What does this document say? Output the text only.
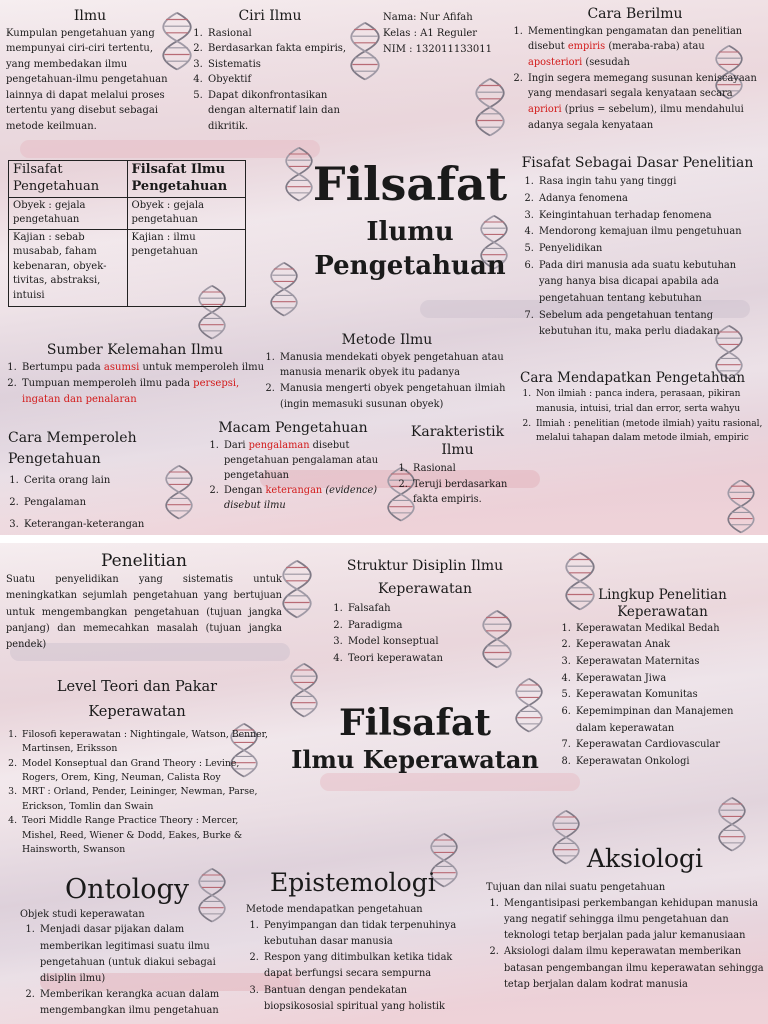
Ilmu
Kumpulan pengetahuan yang mempunyai ciri-ciri tertentu, yang membedakan ilmu pengetahuan-ilmu pengetahuan lainnya di dapat melalui proses tertentu yang disebut sebagai metode keilmuan.
Ciri Ilmu
1. Rasional
2. Berdasarkan fakta empiris,
3. Sistematis
4. Obyektif
5. Dapat dikonfrontasikan dengan alternatif lain dan dikritik.
Nama: Nur Afifah
Kelas : A1 Reguler
NIM : 132011133011
Cara Berilmu
1. Mementingkan pengamatan dan penelitian disebut empiris (meraba-raba) atau aposteriori (sesudah
2. Ingin segera memegang susunan keniscayaan yang mendasari segala kenyataan secara apriori (prius = sebelum), ilmu mendahului adanya segala kenyataan
Filsafat Pengetahuan	Filsafat Ilmu Pengetahuan
Obyek : gejala pengetahuan	Obyek : gejala pengetahuan
Kajian : sebab musabab, faham kebenaran, obyek-tivitas, abstraksi, intuisi	Kajian : ilmu pengetahuan
Filsafat
Ilumu
Pengetahuan
Fisafat Sebagai Dasar Penelitian
1. Rasa ingin tahu yang tinggi
2. Adanya fenomena
3. Keingintahuan terhadap fenomena
4. Mendorong kemajuan ilmu pengetuhuan
5. Penyelidikan
6. Pada diri manusia ada suatu kebutuhan yang hanya bisa dicapai apabila ada pengetahuan tentang kebutuhan
7. Sebelum ada pengetahuan tentang kebutuhan itu, maka perlu diadakan
Sumber Kelemahan Ilmu
1. Bertumpu pada asumsi untuk memperoleh ilmu
2. Tumpuan memperoleh ilmu pada persepsi, ingatan dan penalaran
Metode Ilmu
1. Manusia mendekati obyek pengetahuan atau manusia menarik obyek itu padanya
2. Manusia mengerti obyek pengetahuan ilmiah (ingin memasuki susunan obyek)
Cara Mendapatkan Pengetahuan
1. Non ilmiah : panca indera, perasaan, pikiran manusia, intuisi, trial dan error, serta wahyu
2. Ilmiah : penelitian (metode ilmiah) yaitu rasional, melalui tahapan dalam metode ilmiah, empiric
Cara Memperoleh Pengetahuan
1. Cerita orang lain
2. Pengalaman
3. Keterangan-keterangan
Macam Pengetahuan
1. Dari pengalaman disebut pengetahuan pengalaman atau pengetahuan
2. Dengan keterangan (evidence) disebut ilmu
Karakteristik Ilmu
1. Rasional
2. Teruji berdasarkan fakta empiris.
Penelitian
Suatu penyelidikan yang sistematis untuk meningkatkan sejumlah pengetahuan yang bertujuan untuk mengembangkan pengetahuan (tujuan jangka panjang) dan memecahkan masalah (tujuan jangka pendek)
Struktur Disiplin Ilmu Keperawatan
1. Falsafah
2. Paradigma
3. Model konseptual
4. Teori keperawatan
Lingkup Penelitian Keperawatan
1. Keperawatan Medikal Bedah
2. Keperawatan Anak
3. Keperawatan Maternitas
4. Keperawatan Jiwa
5. Keperawatan Komunitas
6. Kepemimpinan dan Manajemen dalam keperawatan
7. Keperawatan Cardiovascular
8. Keperawatan Onkologi
Level Teori dan Pakar Keperawatan
1. Filosofi keperawatan : Nightingale, Watson, Benner, Martinsen, Eriksson
2. Model Konseptual dan Grand Theory : Levine, Rogers, Orem, King, Neuman, Calista Roy
3. MRT : Orland, Pender, Leininger, Newman, Parse, Erickson, Tomlin dan Swain
4. Teori Middle Range Practice Theory : Mercer, Mishel, Reed, Wiener & Dodd, Eakes, Burke & Hainsworth, Swanson
Filsafat
Ilmu Keperawatan
Ontology
Objek studi keperawatan
1. Menjadi dasar pijakan dalam memberikan legitimasi suatu ilmu pengetahuan (untuk diakui sebagai disiplin ilmu)
2. Memberikan kerangka acuan dalam mengembangkan ilmu pengetahuan
Epistemologi
Metode mendapatkan pengetahuan
1. Penyimpangan dan tidak terpenuhinya kebutuhan dasar manusia
2. Respon yang ditimbulkan ketika tidak dapat berfungsi secara sempurna
3. Bantuan dengan pendekatan biopsikososial spiritual yang holistik
Aksiologi
Tujuan dan nilai suatu pengetahuan
1. Mengantisipasi perkembangan kehidupan manusia yang negatif sehingga ilmu pengetahuan dan teknologi tetap berjalan pada jalur kemanusiaan
2. Aksiologi dalam ilmu keperawatan memberikan batasan pengembangan ilmu keperawatan sehingga tetap berjalan dalam kodrat manusia
